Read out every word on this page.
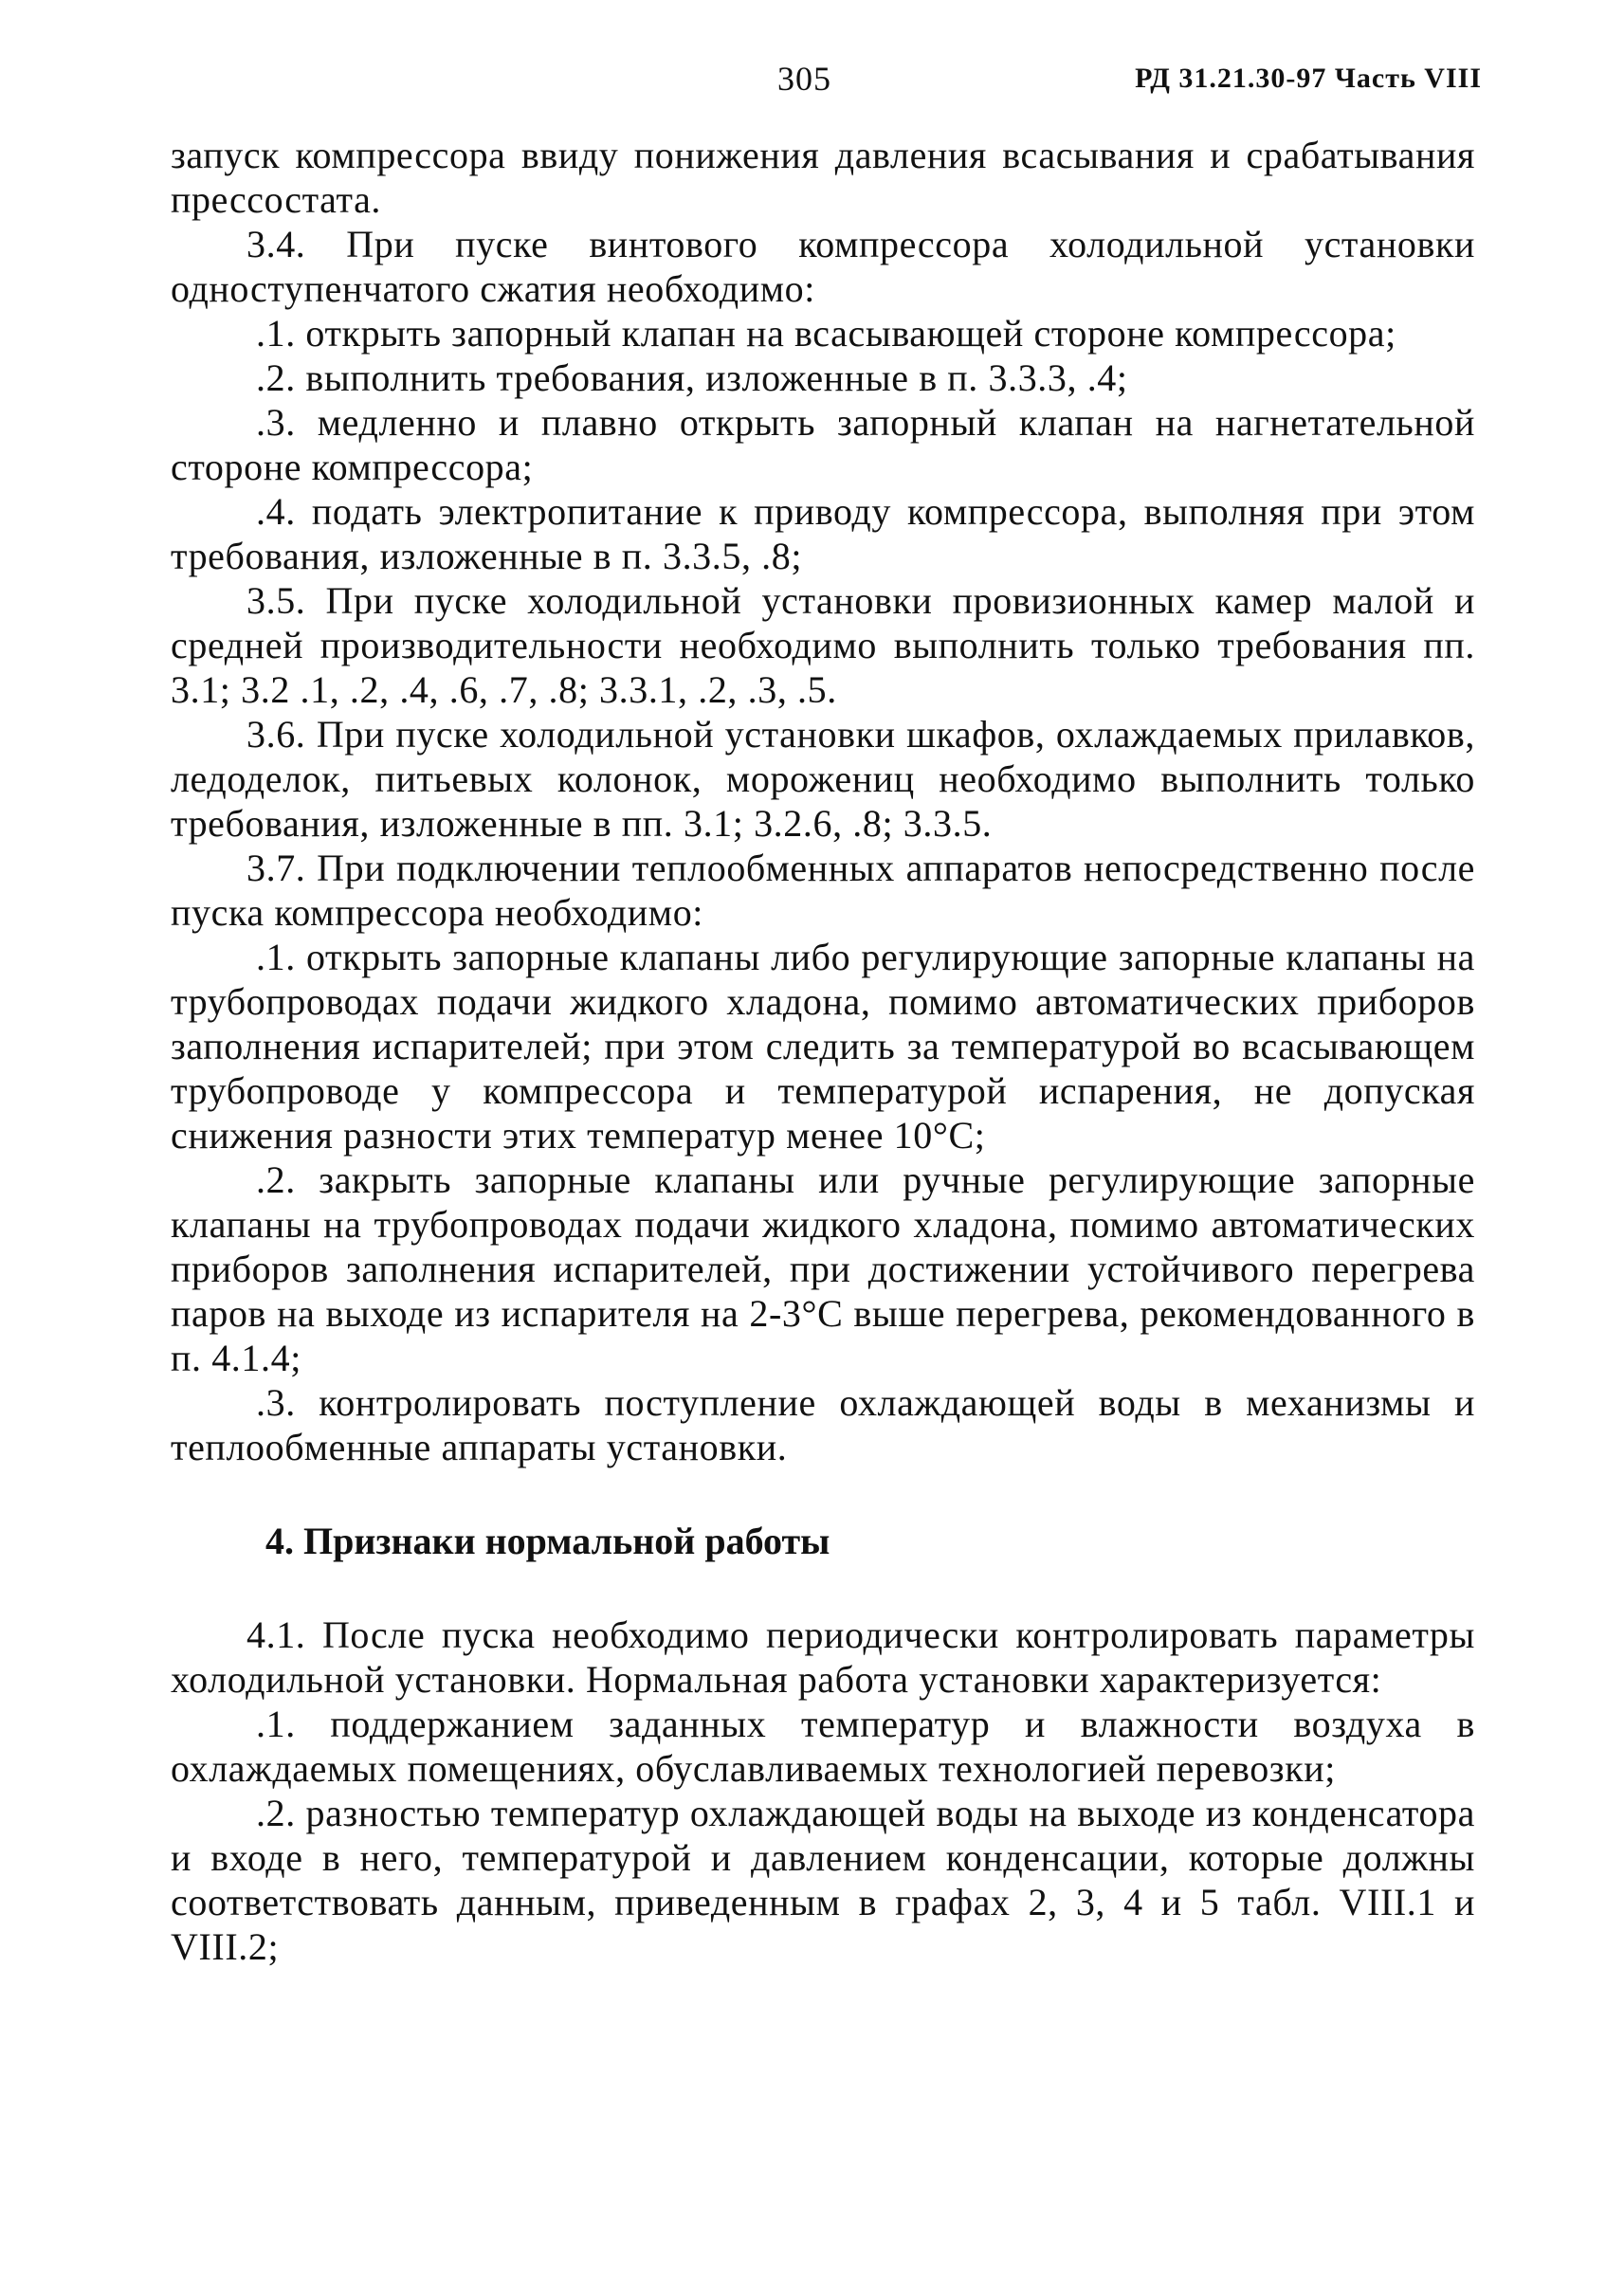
305	РД 31.21.30-97 Часть VIII

запуск компрессора ввиду понижения давления всасывания и срабатывания прессостата.

3.4. При пуске винтового компрессора холодильной установки одноступенчатого сжатия необходимо:

.1. открыть запорный клапан на всасывающей стороне компрессора;

.2. выполнить требования, изложенные в п. 3.3.3, .4;

.3. медленно и плавно открыть запорный клапан на нагнетательной стороне компрессора;

.4. подать электропитание к приводу компрессора, выполняя при этом требования, изложенные в п. 3.3.5, .8;

3.5. При пуске холодильной установки провизионных камер малой и средней производительности необходимо выполнить только требования пп. 3.1; 3.2 .1, .2, .4, .6, .7, .8; 3.3.1, .2, .3, .5.

3.6. При пуске холодильной установки шкафов, охлаждаемых прилавков, ледоделок, питьевых колонок, морожениц необходимо выполнить только требования, изложенные в пп. 3.1; 3.2.6, .8; 3.3.5.

3.7. При подключении теплообменных аппаратов непосредственно после пуска компрессора необходимо:

.1. открыть запорные клапаны либо регулирующие запорные клапаны на трубопроводах подачи жидкого хладона, помимо автоматических приборов заполнения испарителей; при этом следить за температурой во всасывающем трубопроводе у компрессора и температурой испарения, не допуская снижения разности этих температур менее 10°С;

.2. закрыть запорные клапаны или ручные регулирующие запорные клапаны на трубопроводах подачи жидкого хладона, помимо автоматических приборов заполнения испарителей, при достижении устойчивого перегрева паров на выходе из испарителя на 2-3°С выше перегрева, рекомендованного в п. 4.1.4;

.3. контролировать поступление охлаждающей воды в механизмы и теплообменные аппараты установки.

4. Признаки нормальной работы

4.1. После пуска необходимо периодически контролировать параметры холодильной установки. Нормальная работа установки характеризуется:

.1. поддержанием заданных температур и влажности воздуха в охлаждаемых помещениях, обуславливаемых технологией перевозки;

.2. разностью температур охлаждающей воды на выходе из конденсатора и входе в него, температурой и давлением конденсации, которые должны соответствовать данным, приведенным в графах 2, 3, 4 и 5 табл. VIII.1 и VIII.2;
